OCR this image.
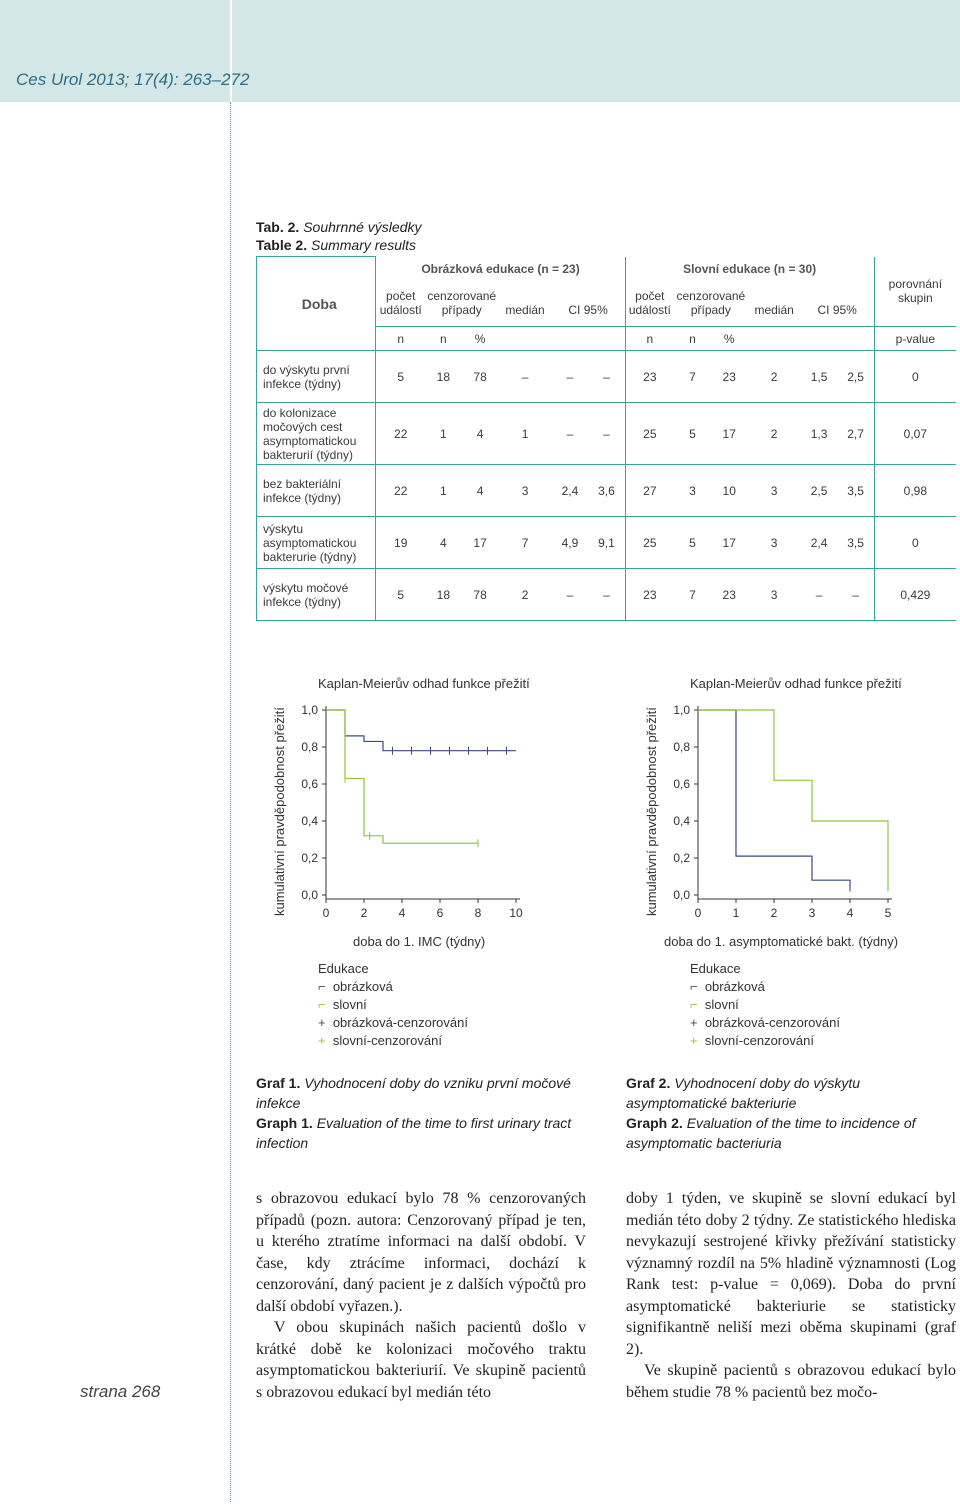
Ces Urol 2013; 17(4): 263–272
strana 268
Tab. 2. Souhrnné výsledky
Table 2. Summary results
Doba	Obrázková edukace (n = 23)						Slovní edukace (n = 30)						porovnání skupin
	počet událostí	cenzorované případy		medián	CI 95%		počet událostí	cenzorované případy		medián	CI 95%		
	n	n	%				n	n	%				p-value
do výskytu první infekce (týdny)	5	18	78	–	–	–	23	7	23	2	1,5	2,5	0
do kolonizace močových cest asymptomatickou bakterurií (týdny)	22	1	4	1	–	–	25	5	17	2	1,3	2,7	0,07
bez bakteriální infekce (týdny)	22	1	4	3	2,4	3,6	27	3	10	3	2,5	3,5	0,98
výskytu asymptomatickou bakterurie (týdny)	19	4	17	7	4,9	9,1	25	5	17	3	2,4	3,5	0
výskytu močové infekce (týdny)	5	18	78	2	–	–	23	7	23	3	–	–	0,429
Kaplan-Meierův odhad funkce přežití
kumulativní pravděpodobnost přežití 0,0
0,2
0,4
0,6
0,8
1,0
0	2	4	6	8 10
doba do 1. IMC (týdny)
Kaplan-Meierův odhad funkce přežití
kumulativní pravděpodobnost přežití 0,0
0,2
0,4
0,6
0,8
1,0
0	1	2	3	4	5
doba do 1. asymptomatické bakt. (týdny)
Edukace
⌐ obrázková
⌐ slovní
+ obrázková-cenzorování
+ slovní-cenzorování
Edukace
⌐ obrázková
⌐ slovní
+ obrázková-cenzorování
+ slovní-cenzorování
Graf 1. Vyhodnocení doby do vzniku první močové infekce
Graph 1. Evaluation of the time to first urinary tract infection
Graf 2. Vyhodnocení doby do výskytu asymptomatické bakteriurie
Graph 2. Evaluation of the time to incidence of asymptomatic bacteriuria

s obrazovou edukací bylo 78 % cenzorovaných případů (pozn. autora: Cenzorovaný případ je ten, u kterého ztratíme informaci na další období. V čase, kdy ztrácíme informaci, dochází k cenzorování, daný pacient je z dalších výpočtů pro další období vyřazen.).

V obou skupinách našich pacientů došlo v krátké době ke kolonizaci močového traktu asymptomatickou bakteriurií. Ve skupině pacientů s obrazovou edukací byl medián této

doby 1 týden, ve skupině se slovní edukací byl medián této doby 2 týdny. Ze statistického hlediska nevykazují sestrojené křivky přežívání statisticky významný rozdíl na 5% hladině významnosti (Log Rank test: p-value = 0,069). Doba do první asymptomatické bakteriurie se statisticky signifikantně neliší mezi oběma skupinami (graf 2).

Ve skupině pacientů s obrazovou edukací bylo během studie 78 % pacientů bez močo-
